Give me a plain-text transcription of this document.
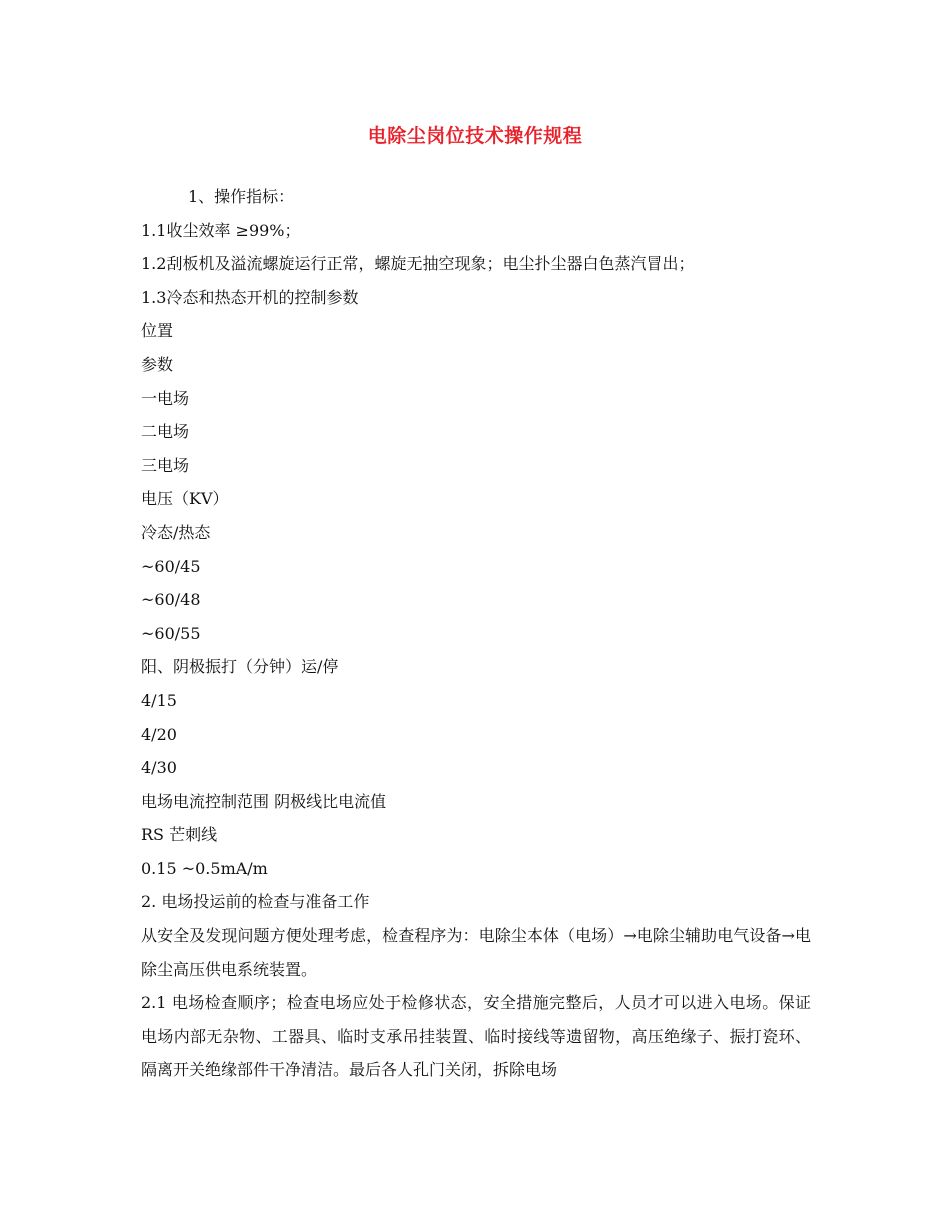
电除尘岗位技术操作规程
1、操作指标：
1.1收尘效率 ≥99%；
1.2刮板机及溢流螺旋运行正常，螺旋无抽空现象；电尘扑尘器白色蒸汽冒出；
1.3冷态和热态开机的控制参数
位置
参数
一电场
二电场
三电场
电压（KV）
冷态/热态
~60/45
~60/48
~60/55
阳、阴极振打（分钟）运/停
4/15
4/20
4/30
电场电流控制范围 阴极线比电流值
RS 芒刺线
0.15 ~0.5mA/m
2. 电场投运前的检查与准备工作

从安全及发现问题方便处理考虑，检查程序为：电除尘本体（电场）→电除尘辅助电气设备→电除尘高压供电系统装置。

2.1 电场检查顺序；检查电场应处于检修状态，安全措施完整后，人员才可以进入电场。保证电场内部无杂物、工器具、临时支承吊挂装置、临时接线等遗留物，高压绝缘子、振打瓷环、隔离开关绝缘部件干净清洁。最后各人孔门关闭，拆除电场
